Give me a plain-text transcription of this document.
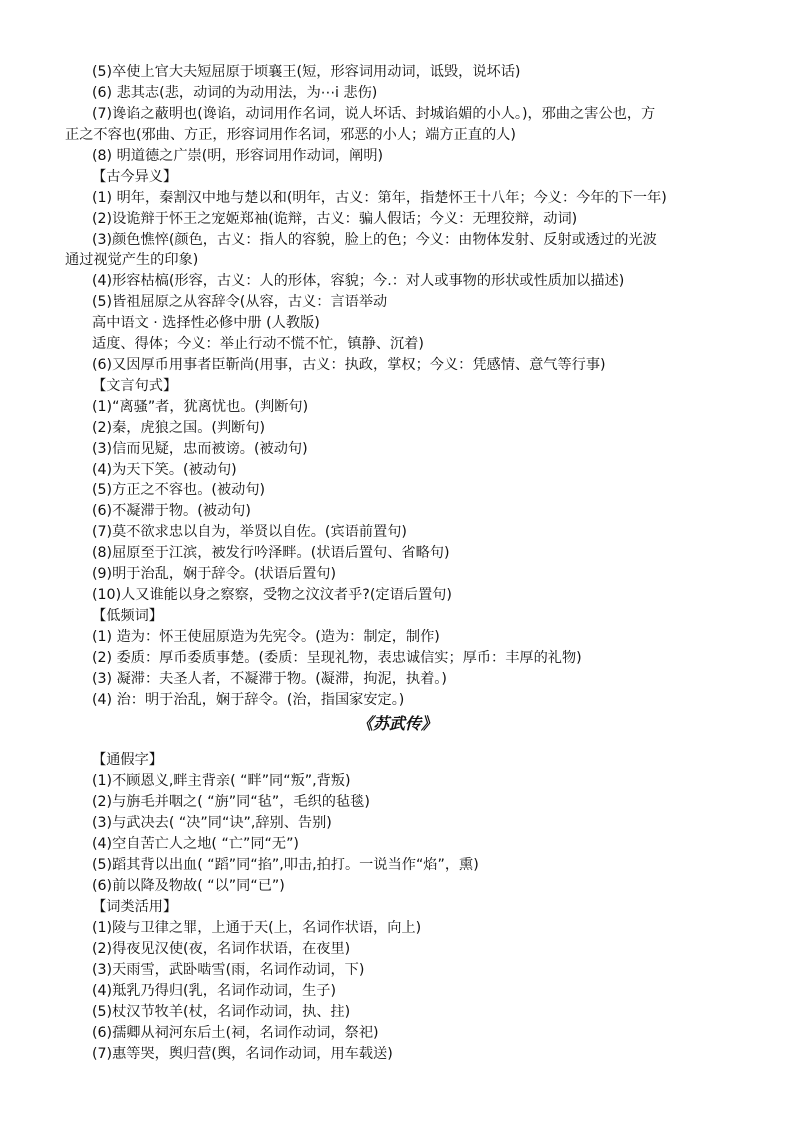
(5)卒使上官大夫短屈原于顷襄王(短，形容词用动词，诋毁，说坏话)
(6) 悲其志(悲，动词的为动用法，为⋯i 悲伤)
(7)谗谄之蔽明也(谗谄，动词用作名词，说人坏话、封城谄媚的小人。)，邪曲之害公也，方
正之不容也(邪曲、方正，形容词用作名词，邪恶的小人；端方正直的人)
(8) 明道德之广崇(明，形容词用作动词，阐明)
【古今异义】
(1) 明年，秦割汉中地与楚以和(明年，古义：第年，指楚怀王十八年；今义：今年的下一年)
(2)设诡辩于怀王之宠姬郑袖(诡辩，古义：骗人假话；今义：无理狡辩，动词)
(3)颜色憔悴(颜色，古义：指人的容貌，脸上的色；今义：由物体发射、反射或透过的光波
通过视觉产生的印象)
(4)形容枯槁(形容，古义：人的形体，容貌；今.：对人或事物的形状或性质加以描述)
(5)皆祖屈原之从容辞令(从容，古义：言语举动
高中语文 · 选择性必修中册 (人教版)
适度、得体；今义：举止行动不慌不忙，镇静、沉着)
(6)又因厚币用事者臣靳尚(用事，古义：执政，掌权；今义：凭感情、意气等行事)
【文言句式】
(1)“离骚”者，犹离忧也。(判断句)
(2)秦，虎狼之国。(判断句)
(3)信而见疑，忠而被谤。(被动句)
(4)为天下笑。(被动句)
(5)方正之不容也。(被动句)
(6)不凝滞于物。(被动句)
(7)莫不欲求忠以自为，举贤以自佐。(宾语前置句)
(8)屈原至于江滨，被发行吟泽畔。(状语后置句、省略句)
(9)明于治乱，娴于辞令。(状语后置句)
(10)人又谁能以身之察察，受物之汶汶者乎?(定语后置句)
【低频词】
(1) 造为：怀王使屈原造为先宪令。(造为：制定，制作)
(2) 委质：厚币委质事楚。(委质：呈现礼物，表忠诚信实；厚币：丰厚的礼物)
(3) 凝滞：夫圣人者，不凝滞于物。(凝滞，拘泥，执着。)
(4) 治：明于治乱，娴于辞令。(治，指国家安定。)
《苏武传》
【通假字】
(1)不顾恩义,畔主背亲( “畔”同“叛”,背叛)
(2)与旃毛并咽之( “旃”同“毡”，毛织的毡毯)
(3)与武决去( “决”同“诀”,辞别、告别)
(4)空自苦亡人之地( “亡”同“无”)
(5)蹈其背以出血( “蹈”同“掐”,叩击,拍打。一说当作“焰”，熏)
(6)前以降及物故( “以”同“已”)
【词类活用】
(1)陵与卫律之罪，上通于天(上，名词作状语，向上)
(2)得夜见汉使(夜，名词作状语，在夜里)
(3)天雨雪，武卧啮雪(雨，名词作动词，下)
(4)羝乳乃得归(乳，名词作动词，生子)
(5)杖汉节牧羊(杖，名词作动词，执、拄)
(6)孺卿从祠河东后土(祠，名词作动词，祭祀)
(7)惠等哭，舆归营(舆，名词作动词，用车载送)
